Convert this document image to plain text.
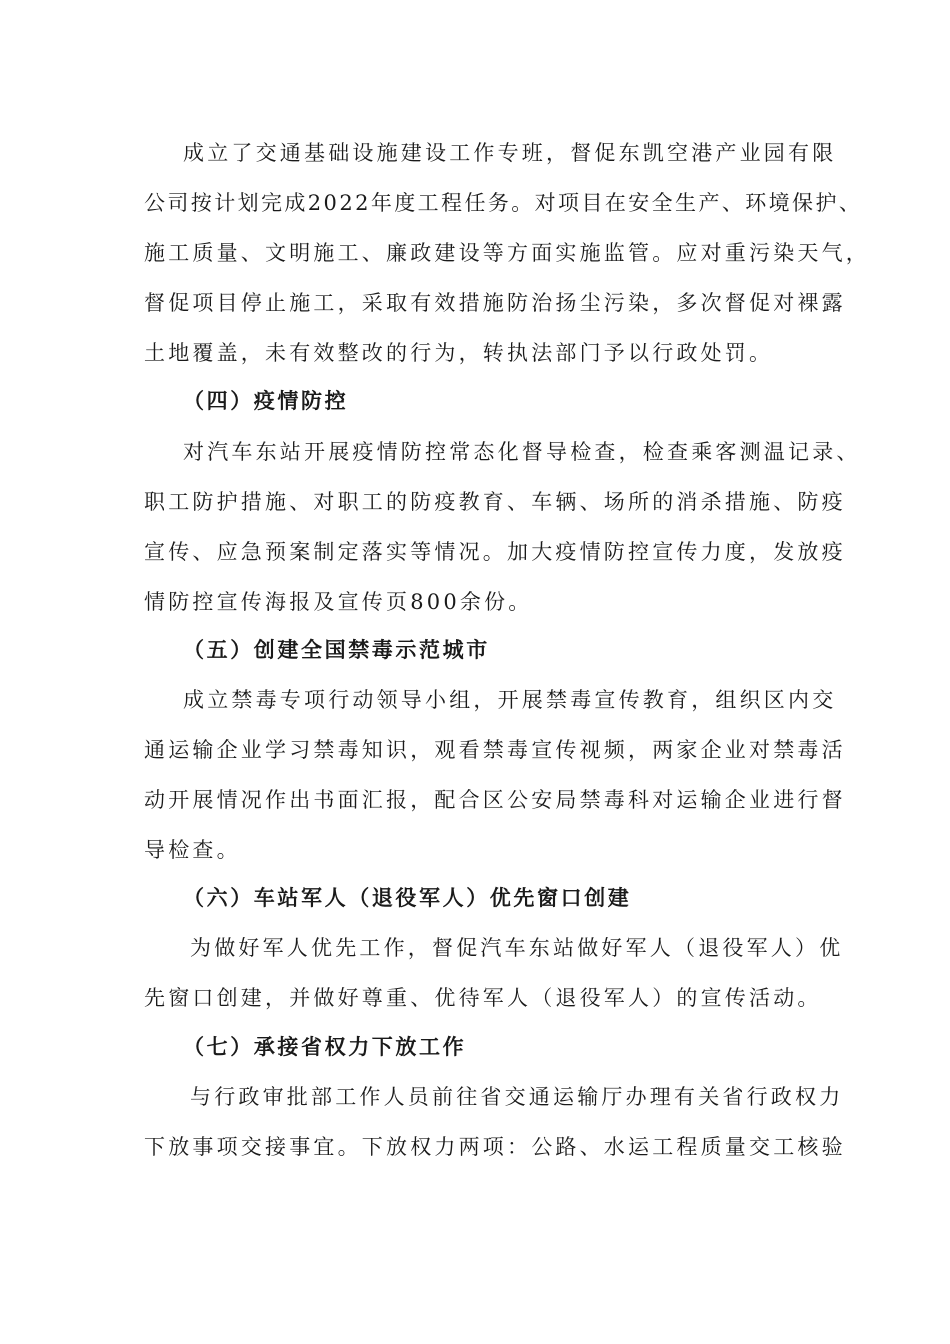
成立了交通基础设施建设工作专班，督促东凯空港产业园有限
公司按计划完成2022年度工程任务。对项目在安全生产、环境保护、
施工质量、文明施工、廉政建设等方面实施监管。应对重污染天气，
督促项目停止施工，采取有效措施防治扬尘污染，多次督促对裸露
土地覆盖，未有效整改的行为，转执法部门予以行政处罚。
（四）疫情防控
对汽车东站开展疫情防控常态化督导检查，检查乘客测温记录、
职工防护措施、对职工的防疫教育、车辆、场所的消杀措施、防疫
宣传、应急预案制定落实等情况。加大疫情防控宣传力度，发放疫
情防控宣传海报及宣传页800余份。
（五）创建全国禁毒示范城市
成立禁毒专项行动领导小组，开展禁毒宣传教育，组织区内交
通运输企业学习禁毒知识，观看禁毒宣传视频，两家企业对禁毒活
动开展情况作出书面汇报，配合区公安局禁毒科对运输企业进行督
导检查。
（六）车站军人（退役军人）优先窗口创建
为做好军人优先工作，督促汽车东站做好军人（退役军人）优
先窗口创建，并做好尊重、优待军人（退役军人）的宣传活动。
（七）承接省权力下放工作
与行政审批部工作人员前往省交通运输厅办理有关省行政权力
下放事项交接事宜。下放权力两项：公路、水运工程质量交工核验
